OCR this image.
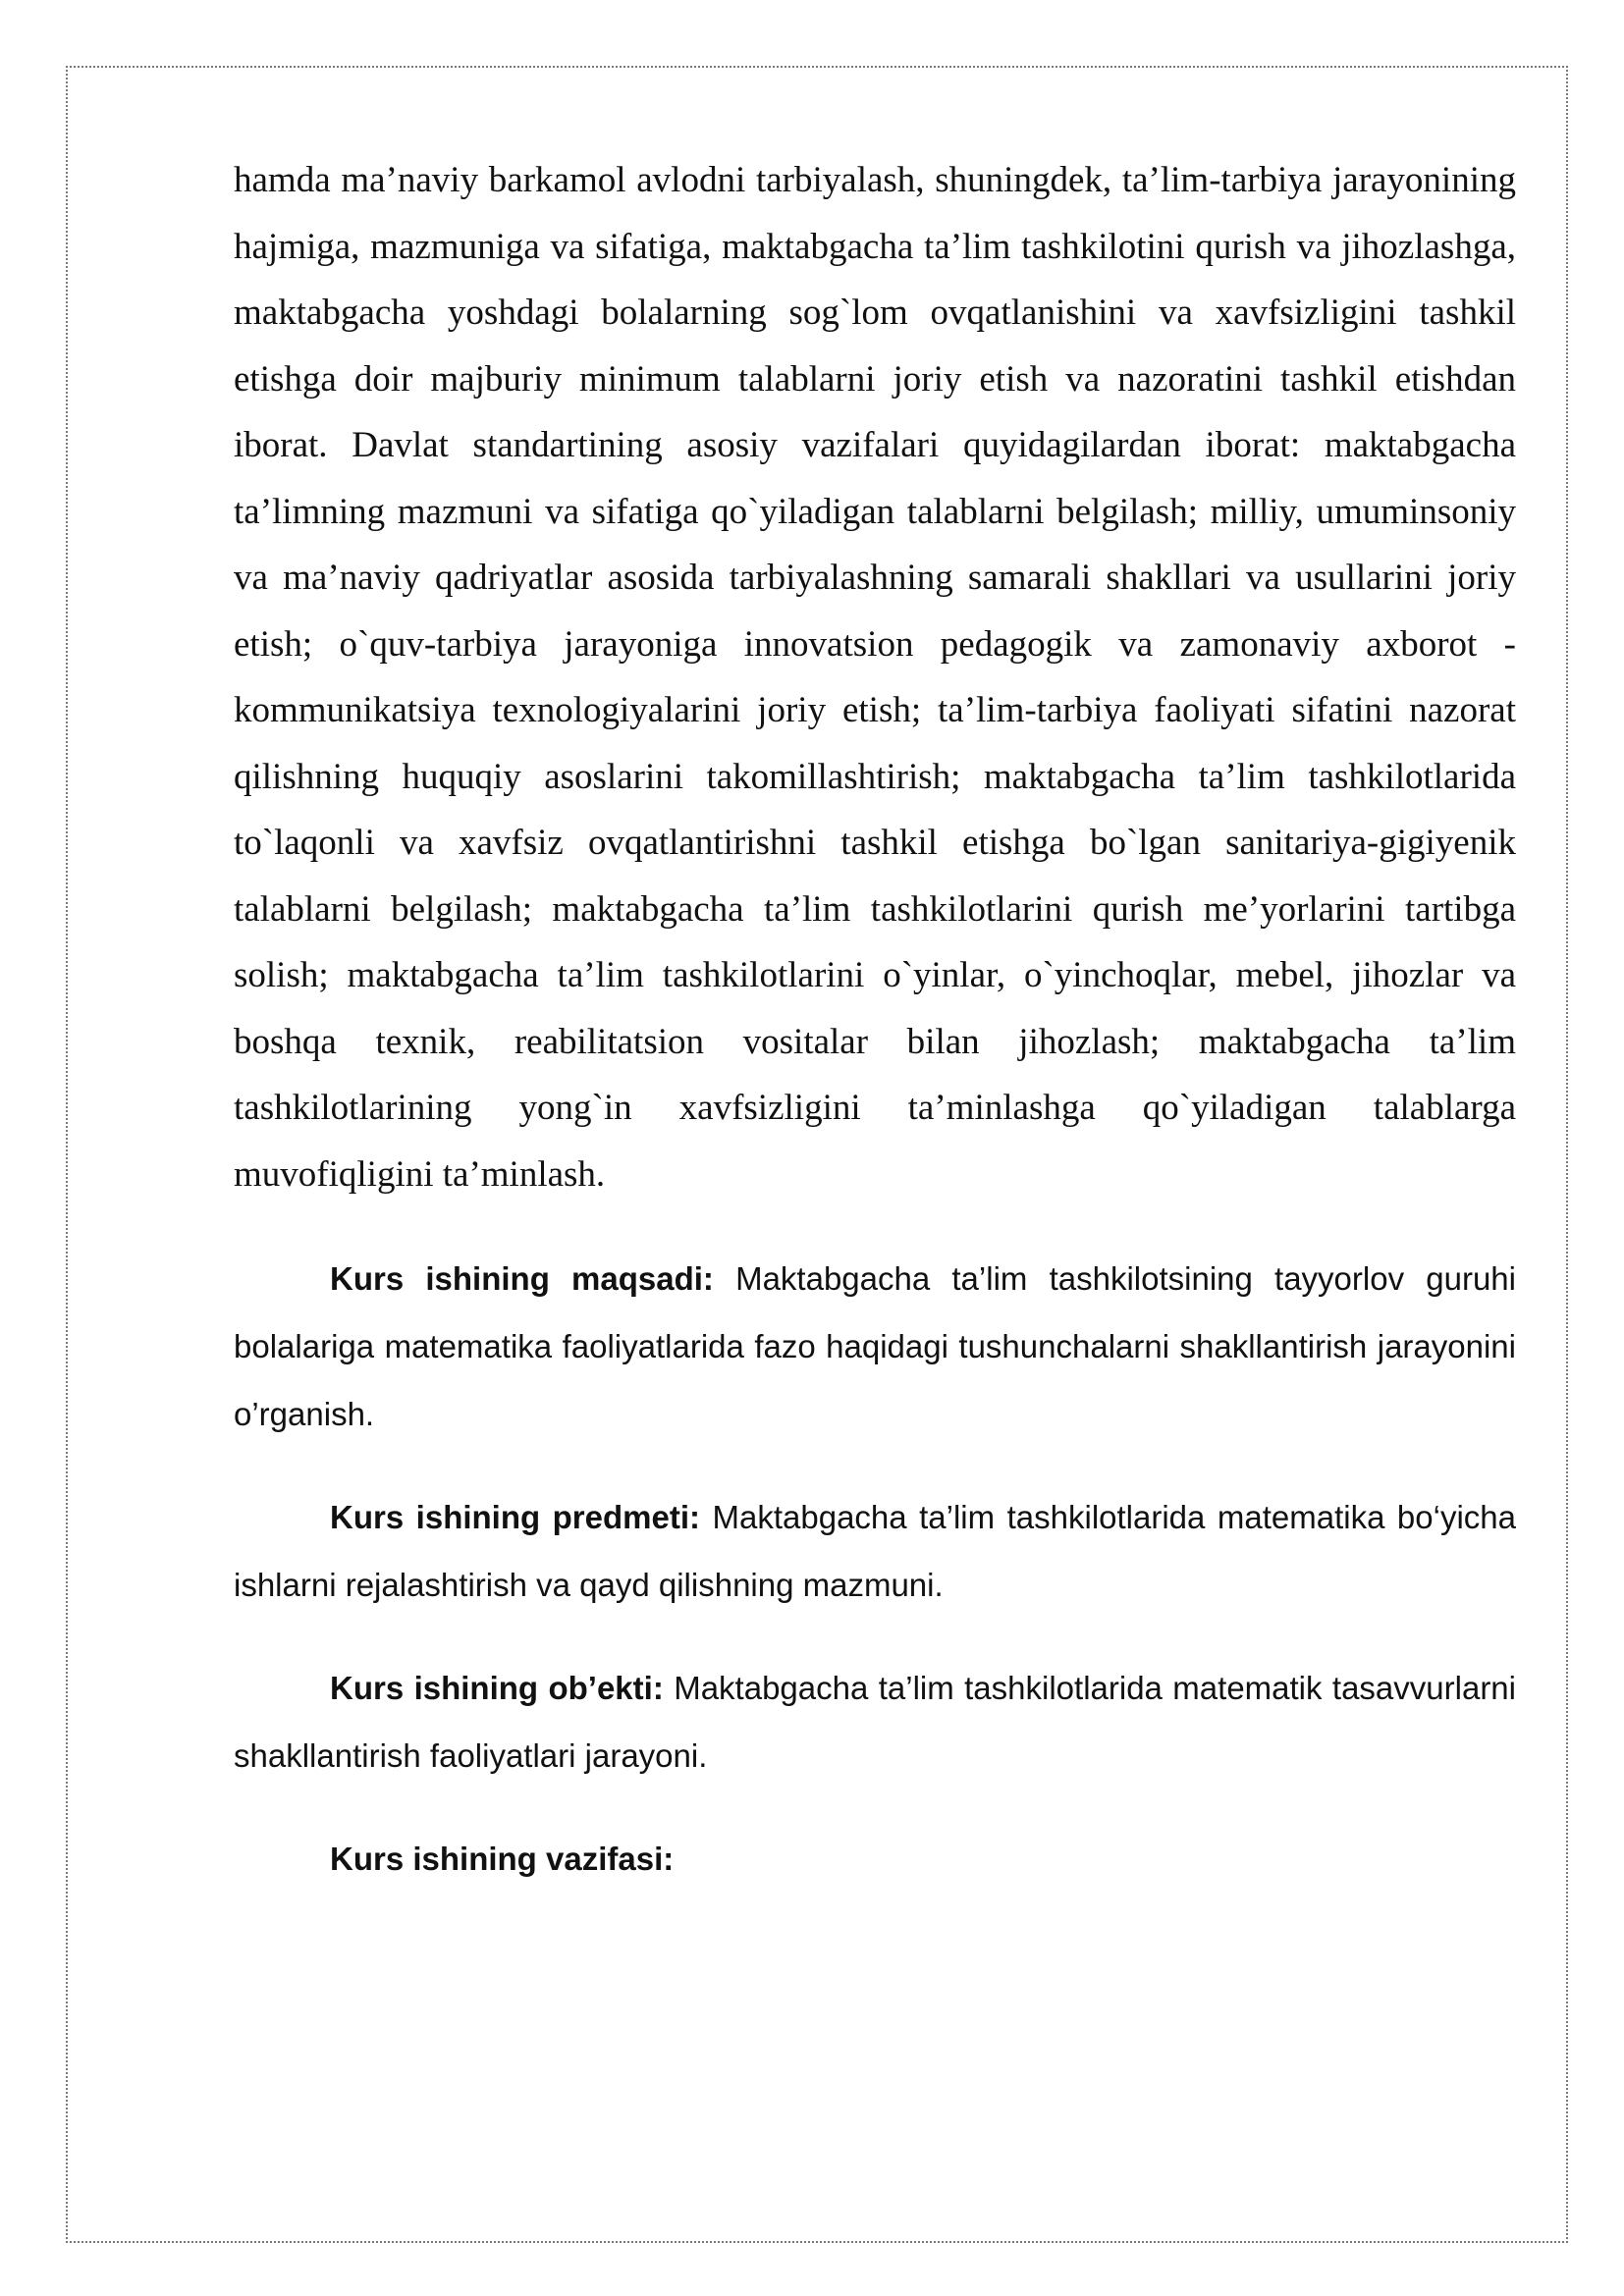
hamda ma’naviy barkamol avlodni tarbiyalash, shuningdek, ta’lim-tarbiya jarayonining hajmiga, mazmuniga va sifatiga, maktabgacha ta’lim tashkilotini qurish va jihozlashga, maktabgacha yoshdagi bolalarning sog`lom ovqatlanishini va xavfsizligini tashkil etishga doir majburiy minimum talablarni joriy etish va nazoratini tashkil etishdan iborat. Davlat standartining asosiy vazifalari quyidagilardan iborat: maktabgacha ta’limning mazmuni va sifatiga qo`yiladigan talablarni belgilash; milliy, umuminsoniy va ma’naviy qadriyatlar asosida tarbiyalashning samarali shakllari va usullarini joriy etish; o`quv-tarbiya jarayoniga innovatsion pedagogik va zamonaviy axborot -kommunikatsiya texnologiyalarini joriy etish; ta’lim-tarbiya faoliyati sifatini nazorat qilishning huquqiy asoslarini takomillashtirish; maktabgacha ta’lim tashkilotlarida to`laqonli va xavfsiz ovqatlantirishni tashkil etishga bo`lgan sanitariya-gigiyenik talablarni belgilash; maktabgacha ta’lim tashkilotlarini qurish me’yorlarini tartibga solish; maktabgacha ta’lim tashkilotlarini o`yinlar, o`yinchoqlar, mebel, jihozlar va boshqa texnik, reabilitatsion vositalar bilan jihozlash; maktabgacha ta’lim tashkilotlarining yong`in xavfsizligini ta’minlashga qo`yiladigan talablarga muvofiqligini ta’minlash.

Kurs ishining maqsadi: Maktabgacha ta’lim tashkilotsining tayyorlov guruhi bolalariga matematika faoliyatlarida fazo haqidagi tushunchalarni shakllantirish jarayonini o’rganish.

Kurs ishining predmeti: Maktabgacha ta’lim tashkilotlarida matematika bo‘yicha ishlarni rejalashtirish va qayd qilishning mazmuni.

Kurs ishining ob’ekti: Maktabgacha ta’lim tashkilotlarida matematik tasavvurlarni shakllantirish faoliyatlari jarayoni.

Kurs ishining vazifasi:
